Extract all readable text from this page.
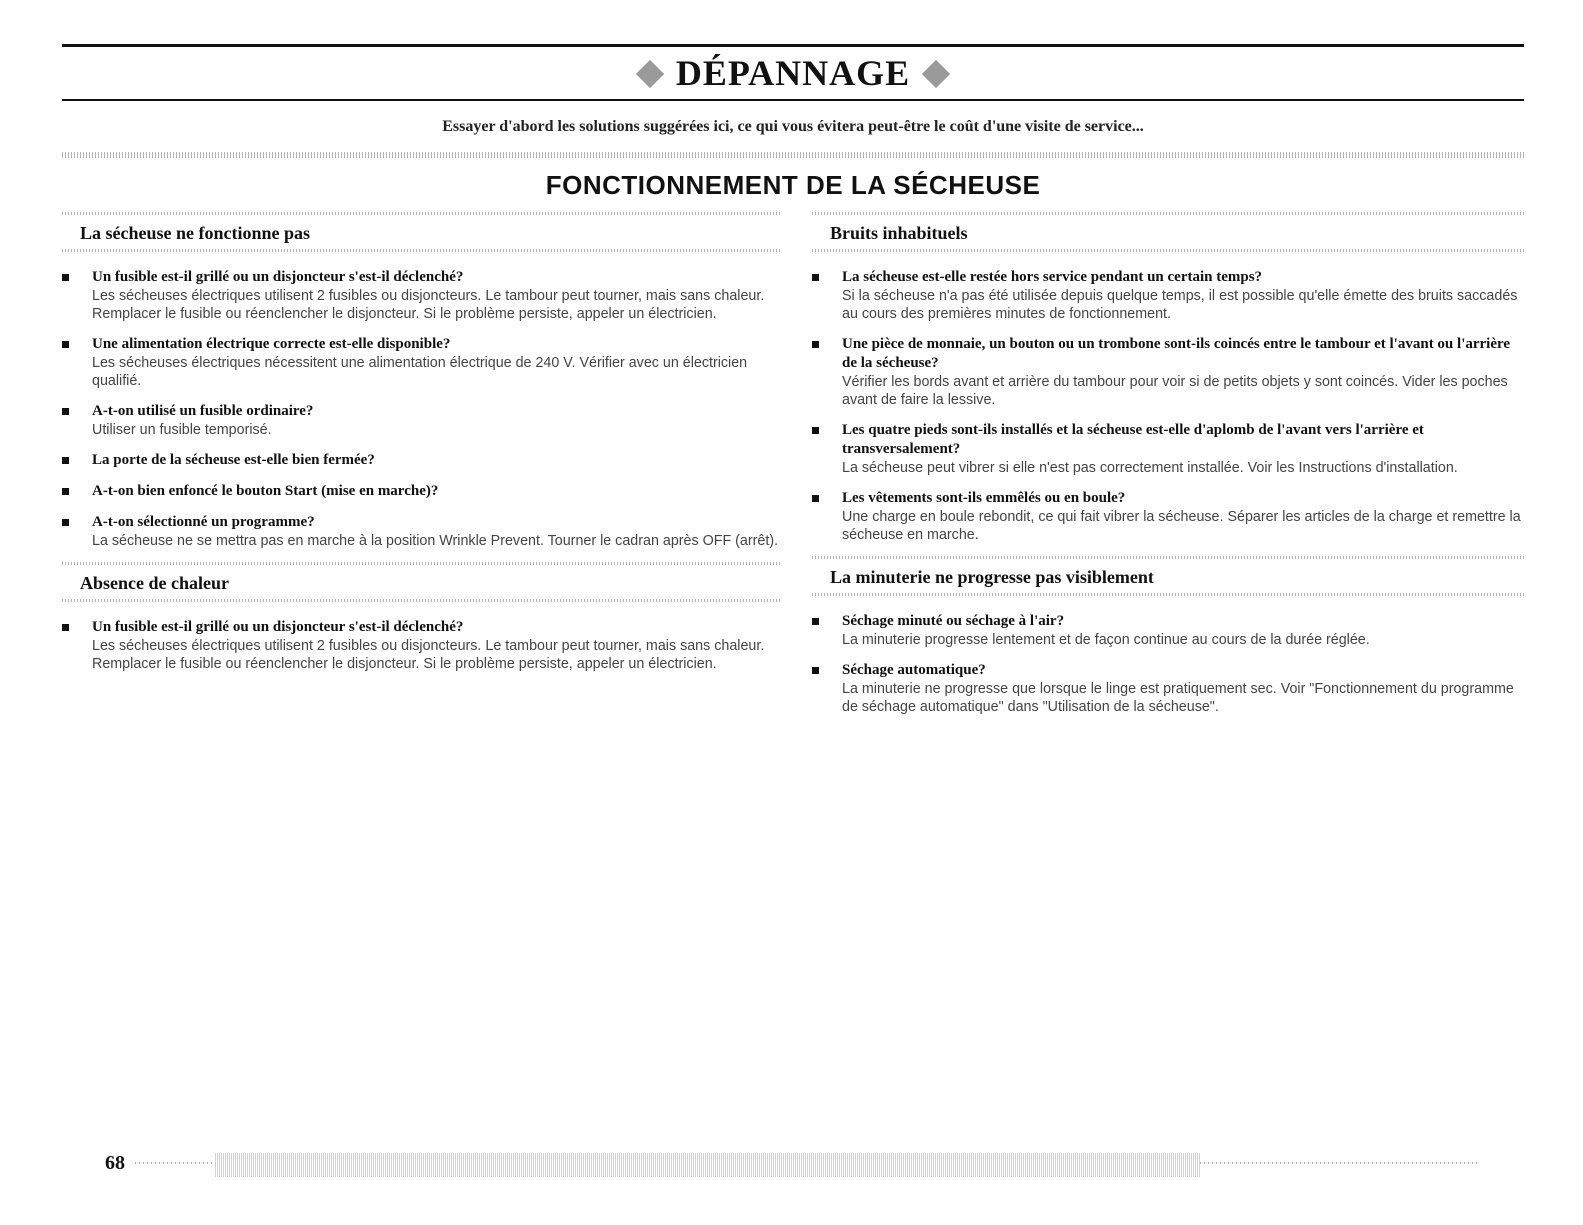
DÉPANNAGE
Essayer d'abord les solutions suggérées ici, ce qui vous évitera peut-être le coût d'une visite de service...
FONCTIONNEMENT DE LA SÉCHEUSE
La sécheuse ne fonctionne pas
Un fusible est-il grillé ou un disjoncteur s'est-il déclenché?
Les sécheuses électriques utilisent 2 fusibles ou disjoncteurs. Le tambour peut tourner, mais sans chaleur. Remplacer le fusible ou réenclencher le disjoncteur. Si le problème persiste, appeler un électricien.
Une alimentation électrique correcte est-elle disponible?
Les sécheuses électriques nécessitent une alimentation électrique de 240 V. Vérifier avec un électricien qualifié.
A-t-on utilisé un fusible ordinaire?
Utiliser un fusible temporisé.
La porte de la sécheuse est-elle bien fermée?
A-t-on bien enfoncé le bouton Start (mise en marche)?
A-t-on sélectionné un programme?
La sécheuse ne se mettra pas en marche à la position Wrinkle Prevent. Tourner le cadran après OFF (arrêt).
Absence de chaleur
Un fusible est-il grillé ou un disjoncteur s'est-il déclenché?
Les sécheuses électriques utilisent 2 fusibles ou disjoncteurs. Le tambour peut tourner, mais sans chaleur. Remplacer le fusible ou réenclencher le disjoncteur. Si le problème persiste, appeler un électricien.
Bruits inhabituels
La sécheuse est-elle restée hors service pendant un certain temps?
Si la sécheuse n'a pas été utilisée depuis quelque temps, il est possible qu'elle émette des bruits saccadés au cours des premières minutes de fonctionnement.
Une pièce de monnaie, un bouton ou un trombone sont-ils coincés entre le tambour et l'avant ou l'arrière de la sécheuse?
Vérifier les bords avant et arrière du tambour pour voir si de petits objets y sont coincés. Vider les poches avant de faire la lessive.
Les quatre pieds sont-ils installés et la sécheuse est-elle d'aplomb de l'avant vers l'arrière et transversalement?
La sécheuse peut vibrer si elle n'est pas correctement installée. Voir les Instructions d'installation.
Les vêtements sont-ils emmêlés ou en boule?
Une charge en boule rebondit, ce qui fait vibrer la sécheuse. Séparer les articles de la charge et remettre la sécheuse en marche.
La minuterie ne progresse pas visiblement
Séchage minuté ou séchage à l'air?
La minuterie progresse lentement et de façon continue au cours de la durée réglée.
Séchage automatique?
La minuterie ne progresse que lorsque le linge est pratiquement sec. Voir "Fonctionnement du programme de séchage automatique" dans "Utilisation de la sécheuse".
68
